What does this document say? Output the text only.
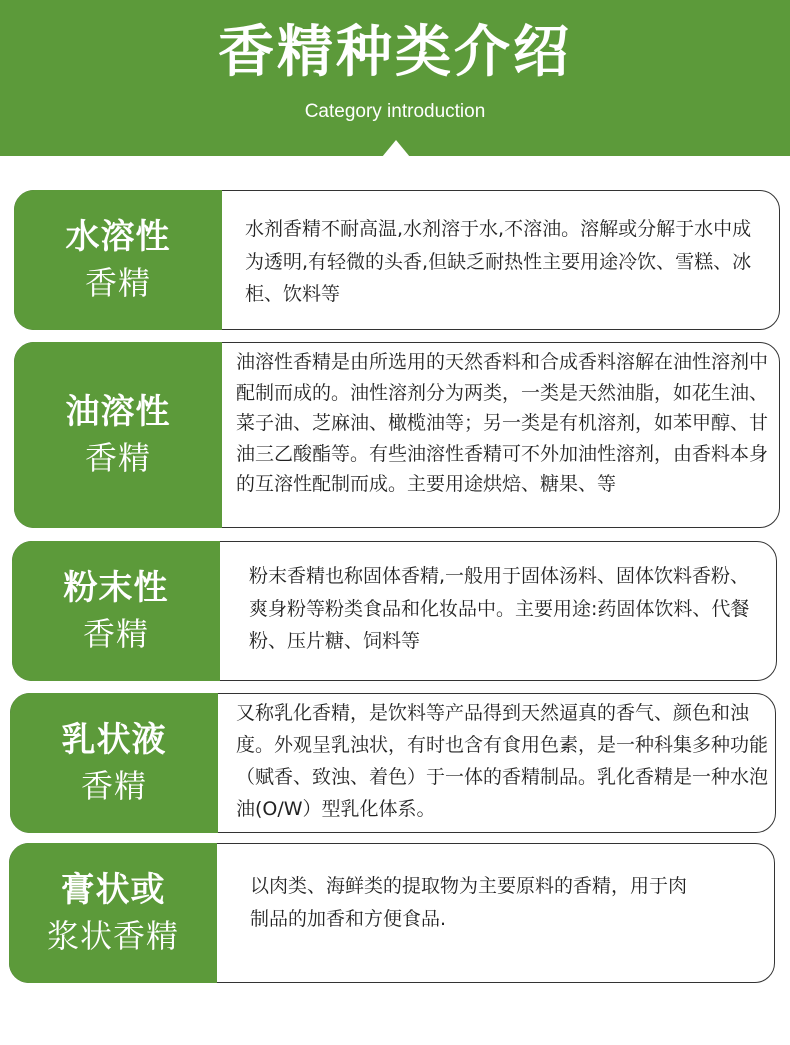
香精种类介绍
Category introduction
水溶性
香精
水剂香精不耐高温,水剂溶于水,不溶油。溶解或分解于水中成为透明,有轻微的头香,但缺乏耐热性主要用途冷饮、雪糕、冰柜、饮料等
油溶性
香精
油溶性香精是由所选用的天然香料和合成香料溶解在油性溶剂中配制而成的。油性溶剂分为两类，一类是天然油脂，如花生油、菜子油、芝麻油、橄榄油等；另一类是有机溶剂，如苯甲醇、甘油三乙酸酯等。有些油溶性香精可不外加油性溶剂，由香料本身的互溶性配制而成。主要用途烘焙、糖果、等
粉末性
香精
粉末香精也称固体香精,一般用于固体汤料、固体饮料香粉、爽身粉等粉类食品和化妆品中。主要用途:药固体饮料、代餐粉、压片糖、饲料等
乳状液
香精
又称乳化香精，是饮料等产品得到天然逼真的香气、颜色和浊度。外观呈乳浊状，有时也含有食用色素，是一种科集多种功能（赋香、致浊、着色）于一体的香精制品。乳化香精是一种水泡油(O/W）型乳化体系。
膏状或
浆状香精
以肉类、海鲜类的提取物为主要原料的香精，用于肉制品的加香和方便食品.
